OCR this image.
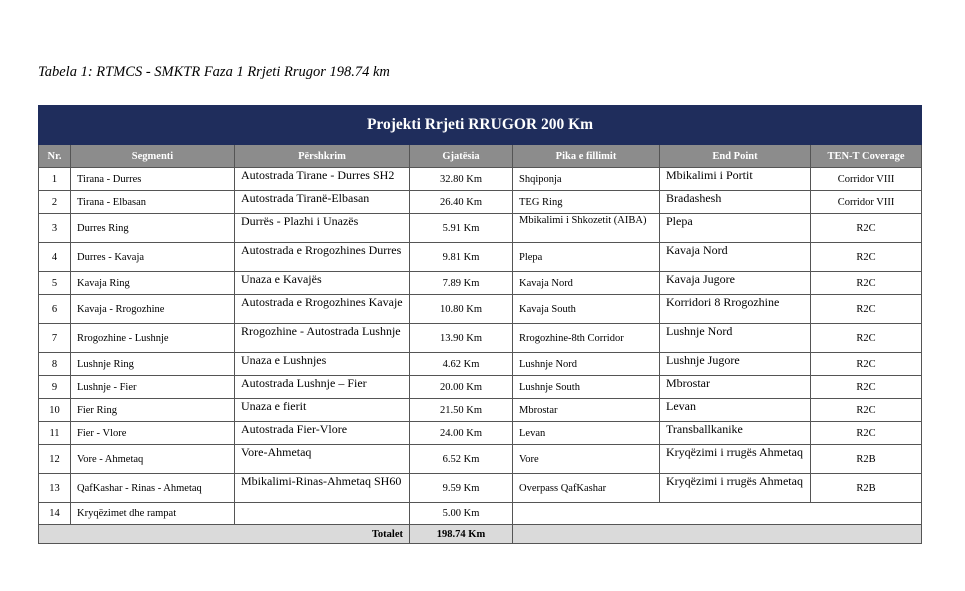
Tabela 1: RTMCS - SMKTR Faza 1 Rrjeti Rrugor 198.74 km
Projekti Rrjeti RRUGOR 200 Km						
Nr.	Segmenti	Përshkrim	Gjatësia	Pika e fillimit	End Point	TEN-T Coverage
1	Tirana - Durres	Autostrada Tirane - Durres SH2	32.80 Km	Shqiponja	Mbikalimi i Portit	Corridor VIII
2	Tirana - Elbasan	Autostrada Tiranë-Elbasan	26.40 Km	TEG Ring	Bradashesh	Corridor VIII
3	Durres Ring	Durrës - Plazhi i Unazës	5.91 Km	Mbikalimi i Shkozetit (AIBA)	Plepa	R2C
4	Durres - Kavaja	Autostrada e Rrogozhines Durres	9.81 Km	Plepa	Kavaja Nord	R2C
5	Kavaja Ring	Unaza e Kavajës	7.89 Km	Kavaja Nord	Kavaja Jugore	R2C
6	Kavaja - Rrogozhine	Autostrada e Rrogozhines Kavaje	10.80 Km	Kavaja South	Korridori 8 Rrogozhine	R2C
7	Rrogozhine - Lushnje	Rrogozhine - Autostrada Lushnje	13.90 Km	Rrogozhine-8th Corridor	Lushnje Nord	R2C
8	Lushnje Ring	Unaza e Lushnjes	4.62 Km	Lushnje Nord	Lushnje Jugore	R2C
9	Lushnje - Fier	Autostrada Lushnje – Fier	20.00 Km	Lushnje South	Mbrostar	R2C
10	Fier Ring	Unaza e fierit	21.50 Km	Mbrostar	Levan	R2C
11	Fier - Vlore	Autostrada Fier-Vlore	24.00 Km	Levan	Transballkanike	R2C
12	Vore - Ahmetaq	Vore-Ahmetaq	6.52 Km	Vore	Kryqëzimi i rrugës Ahmetaq	R2B
13	QafKashar - Rinas - Ahmetaq	Mbikalimi-Rinas-Ahmetaq SH60	9.59 Km	Overpass QafKashar	Kryqëzimi i rrugës Ahmetaq	R2B
14	Kryqëzimet dhe rampat		5.00 Km			
Totalet			198.74 Km			
